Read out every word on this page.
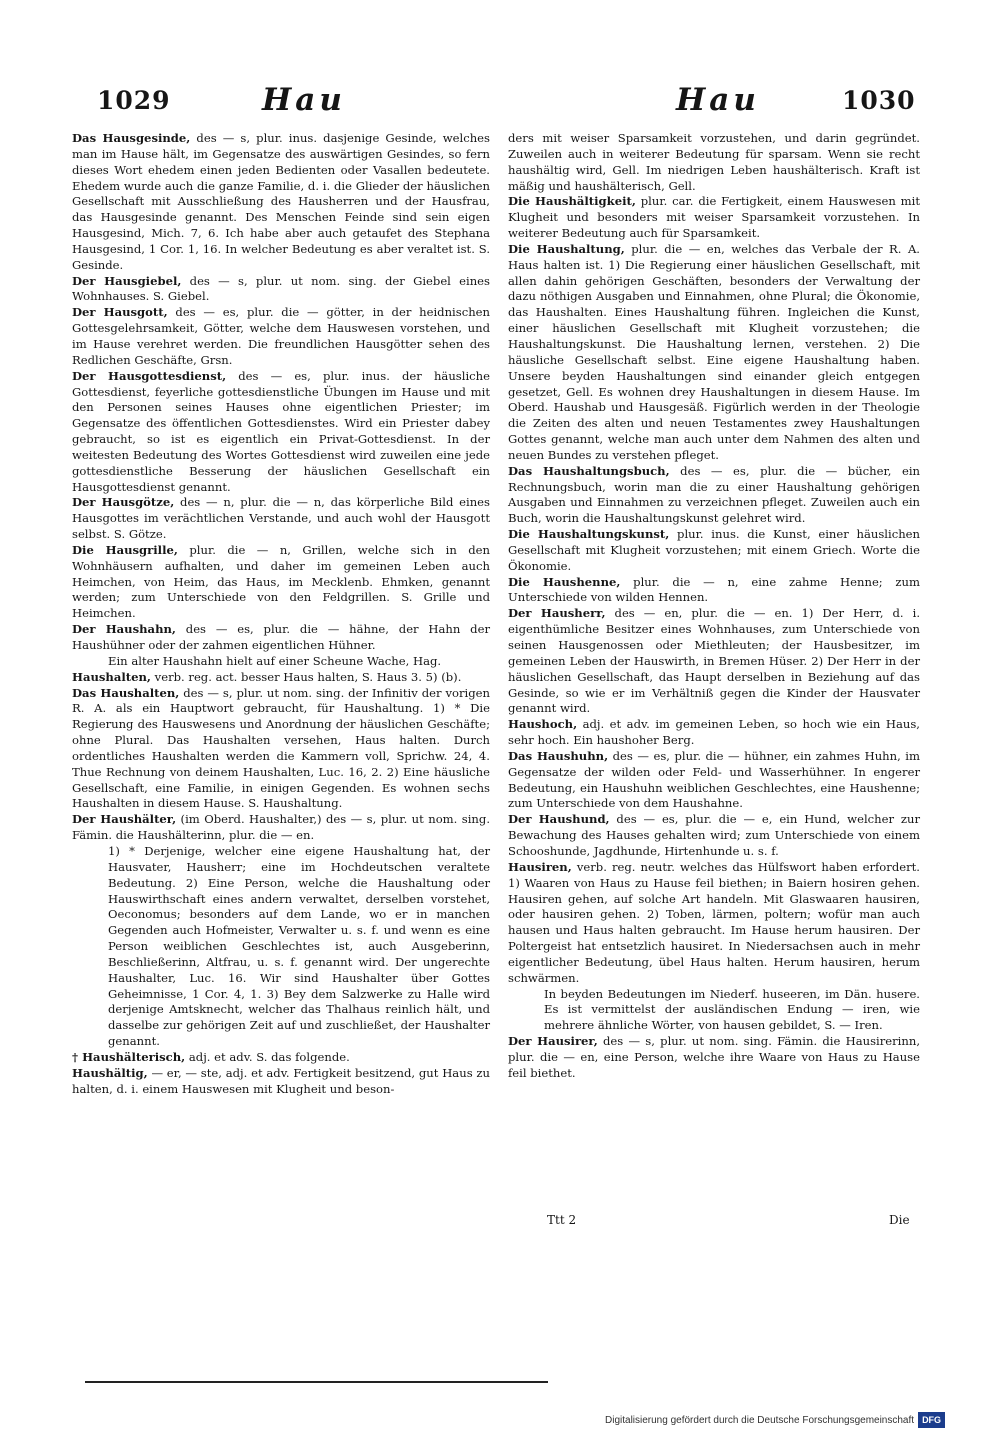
1029	Hau	Hau	1030

Das Hausgesinde, des — s, plur. inus. dasjenige Gesinde, welches man im Hause hält, im Gegensatze des auswärtigen Gesindes, so fern dieses Wort ehedem einen jeden Bedienten oder Vasallen bedeutete. Ehedem wurde auch die ganze Familie, d. i. die Glieder der häuslichen Gesellschaft mit Ausschließung des Hausherren und der Hausfrau, das Hausgesinde genannt. Des Menschen Feinde sind sein eigen Hausgesind, Mich. 7, 6. Ich habe aber auch getaufet des Stephana Hausgesind, 1 Cor. 1, 16. In welcher Bedeutung es aber veraltet ist. S. Gesinde.

Der Hausgiebel, des — s, plur. ut nom. sing. der Giebel eines Wohnhauses. S. Giebel.

Der Hausgott, des — es, plur. die — götter, in der heidnischen Gottesgelehrsamkeit, Götter, welche dem Hauswesen vorstehen, und im Hause verehret werden. Die freundlichen Hausgötter sehen des Redlichen Geschäfte, Grsn.

Der Hausgottesdienst, des — es, plur. inus. der häusliche Gottesdienst, feyerliche gottesdienstliche Übungen im Hause und mit den Personen seines Hauses ohne eigentlichen Priester; im Gegensatze des öffentlichen Gottesdienstes. Wird ein Priester dabey gebraucht, so ist es eigentlich ein Privat-Gottesdienst. In der weitesten Bedeutung des Wortes Gottesdienst wird zuweilen eine jede gottesdienstliche Besserung der häuslichen Gesellschaft ein Hausgottesdienst genannt.

Der Hausgötze, des — n, plur. die — n, das körperliche Bild eines Hausgottes im verächtlichen Verstande, und auch wohl der Hausgott selbst. S. Götze.

Die Hausgrille, plur. die — n, Grillen, welche sich in den Wohnhäusern aufhalten, und daher im gemeinen Leben auch Heimchen, von Heim, das Haus, im Mecklenb. Ehmken, genannt werden; zum Unterschiede von den Feldgrillen. S. Grille und Heimchen.

Der Haushahn, des — es, plur. die — hähne, der Hahn der Haushühner oder der zahmen eigentlichen Hühner.

Ein alter Haushahn hielt auf einer Scheune Wache, Hag.

Haushalten, verb. reg. act. besser Haus halten, S. Haus 3. 5) (b).

Das Haushalten, des — s, plur. ut nom. sing. der Infinitiv der vorigen R. A. als ein Hauptwort gebraucht, für Haushaltung. 1) * Die Regierung des Hauswesens und Anordnung der häuslichen Geschäfte; ohne Plural. Das Haushalten versehen, Haus halten. Durch ordentliches Haushalten werden die Kammern voll, Sprichw. 24, 4. Thue Rechnung von deinem Haushalten, Luc. 16, 2. 2) Eine häusliche Gesellschaft, eine Familie, in einigen Gegenden. Es wohnen sechs Haushalten in diesem Hause. S. Haushaltung.

Der Haushälter, (im Oberd. Haushalter,) des — s, plur. ut nom. sing. Fämin. die Haushälterinn, plur. die — en.

1) * Derjenige, welcher eine eigene Haushaltung hat, der Hausvater, Hausherr; eine im Hochdeutschen veraltete Bedeutung. 2) Eine Person, welche die Haushaltung oder Hauswirthschaft eines andern verwaltet, derselben vorstehet, Oeconomus; besonders auf dem Lande, wo er in manchen Gegenden auch Hofmeister, Verwalter u. s. f. und wenn es eine Person weiblichen Geschlechtes ist, auch Ausgeberinn, Beschließerinn, Altfrau, u. s. f. genannt wird. Der ungerechte Haushalter, Luc. 16. Wir sind Haushalter über Gottes Geheimnisse, 1 Cor. 4, 1. 3) Bey dem Salzwerke zu Halle wird derjenige Amtsknecht, welcher das Thalhaus reinlich hält, und dasselbe zur gehörigen Zeit auf und zuschließet, der Haushalter genannt.

† Haushälterisch, adj. et adv. S. das folgende.

Haushältig, — er, — ste, adj. et adv. Fertigkeit besitzend, gut Haus zu halten, d. i. einem Hauswesen mit Klugheit und beson-

ders mit weiser Sparsamkeit vorzustehen, und darin gegründet. Zuweilen auch in weiterer Bedeutung für sparsam. Wenn sie recht haushältig wird, Gell. Im niedrigen Leben haushälterisch. Kraft ist mäßig und haushälterisch, Gell.

Die Haushältigkeit, plur. car. die Fertigkeit, einem Hauswesen mit Klugheit und besonders mit weiser Sparsamkeit vorzustehen. In weiterer Bedeutung auch für Sparsamkeit.

Die Haushaltung, plur. die — en, welches das Verbale der R. A. Haus halten ist. 1) Die Regierung einer häuslichen Gesellschaft, mit allen dahin gehörigen Geschäften, besonders der Verwaltung der dazu nöthigen Ausgaben und Einnahmen, ohne Plural; die Ökonomie, das Haushalten. Eines Haushaltung führen. Ingleichen die Kunst, einer häuslichen Gesellschaft mit Klugheit vorzustehen; die Haushaltungskunst. Die Haushaltung lernen, verstehen. 2) Die häusliche Gesellschaft selbst. Eine eigene Haushaltung haben. Unsere beyden Haushaltungen sind einander gleich entgegen gesetzet, Gell. Es wohnen drey Haushaltungen in diesem Hause. Im Oberd. Haushab und Hausgesäß. Figürlich werden in der Theologie die Zeiten des alten und neuen Testamentes zwey Haushaltungen Gottes genannt, welche man auch unter dem Nahmen des alten und neuen Bundes zu verstehen pfleget.

Das Haushaltungsbuch, des — es, plur. die — bücher, ein Rechnungsbuch, worin man die zu einer Haushaltung gehörigen Ausgaben und Einnahmen zu verzeichnen pfleget. Zuweilen auch ein Buch, worin die Haushaltungskunst gelehret wird.

Die Haushaltungskunst, plur. inus. die Kunst, einer häuslichen Gesellschaft mit Klugheit vorzustehen; mit einem Griech. Worte die Ökonomie.

Die Haushenne, plur. die — n, eine zahme Henne; zum Unterschiede von wilden Hennen.

Der Hausherr, des — en, plur. die — en. 1) Der Herr, d. i. eigenthümliche Besitzer eines Wohnhauses, zum Unterschiede von seinen Hausgenossen oder Miethleuten; der Hausbesitzer, im gemeinen Leben der Hauswirth, in Bremen Hüser. 2) Der Herr in der häuslichen Gesellschaft, das Haupt derselben in Beziehung auf das Gesinde, so wie er im Verhältniß gegen die Kinder der Hausvater genannt wird.

Haushoch, adj. et adv. im gemeinen Leben, so hoch wie ein Haus, sehr hoch. Ein haushoher Berg.

Das Haushuhn, des — es, plur. die — hühner, ein zahmes Huhn, im Gegensatze der wilden oder Feld- und Wasserhühner. In engerer Bedeutung, ein Haushuhn weiblichen Geschlechtes, eine Haushenne; zum Unterschiede von dem Haushahne.

Der Haushund, des — es, plur. die — e, ein Hund, welcher zur Bewachung des Hauses gehalten wird; zum Unterschiede von einem Schooshunde, Jagdhunde, Hirtenhunde u. s. f.

Hausiren, verb. reg. neutr. welches das Hülfswort haben erfordert. 1) Waaren von Haus zu Hause feil biethen; in Baiern hosiren gehen. Hausiren gehen, auf solche Art handeln. Mit Glaswaaren hausiren, oder hausiren gehen. 2) Toben, lärmen, poltern; wofür man auch hausen und Haus halten gebraucht. Im Hause herum hausiren. Der Poltergeist hat entsetzlich hausiret. In Niedersachsen auch in mehr eigentlicher Bedeutung, übel Haus halten. Herum hausiren, herum schwärmen.

In beyden Bedeutungen im Niederf. huseeren, im Dän. husere. Es ist vermittelst der ausländischen Endung — iren, wie mehrere ähnliche Wörter, von hausen gebildet, S. — Iren.

Der Hausirer, des — s, plur. ut nom. sing. Fämin. die Hausirerinn, plur. die — en, eine Person, welche ihre Waare von Haus zu Hause feil biethet.

Ttt 2	Die
Digitalisierung gefördert durch die Deutsche Forschungsgemeinschaft DFG
